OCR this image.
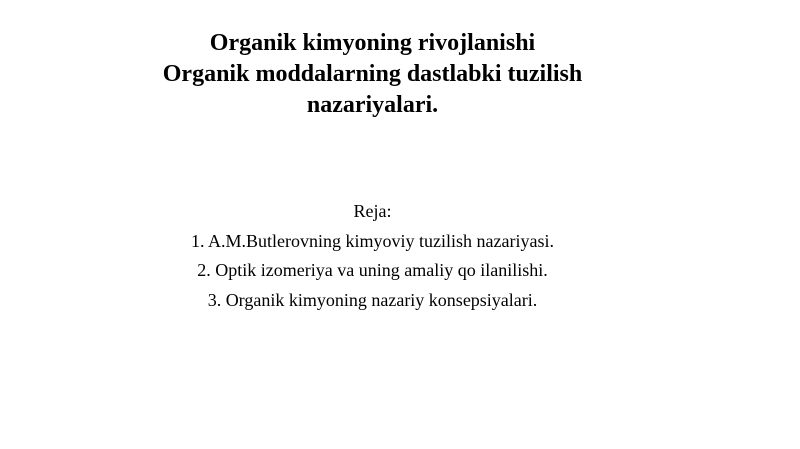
Organik kimyoning rivojlanishi
Organik moddalarning dastlabki tuzilish
nazariyalari.
Reja:
1. A.M.Butlerovning kimyoviy tuzilish nazariyasi.
2. Optik izomeriya va uning amaliy qo ilanilishi.
3. Organik kimyoning nazariy konsepsiyalari.
